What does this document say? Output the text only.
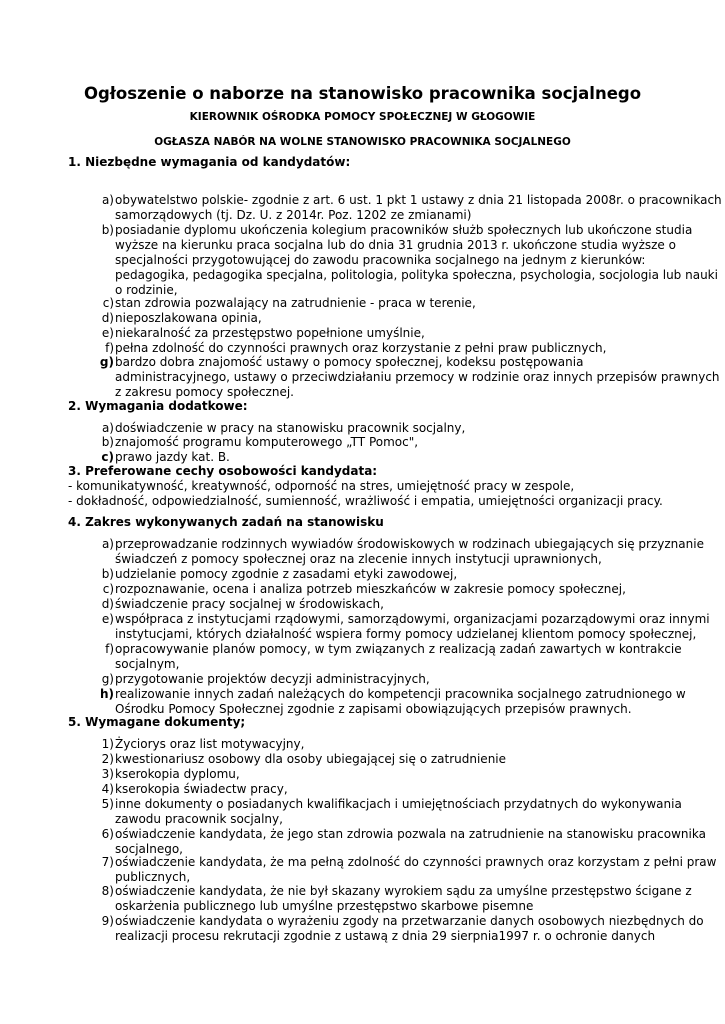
Ogłoszenie o naborze na stanowisko pracownika socjalnego
KIEROWNIK OŚRODKA POMOCY SPOŁECZNEJ W GŁOGOWIE
OGŁASZA NABÓR NA WOLNE STANOWISKO PRACOWNIKA SOCJALNEGO
1. Niezbędne wymagania od kandydatów:
a) obywatelstwo polskie- zgodnie z art. 6 ust. 1 pkt 1 ustawy z dnia 21 listopada 2008r. o pracownikach
samorządowych (tj. Dz. U. z 2014r. Poz. 1202 ze zmianami)
b) posiadanie dyplomu ukończenia kolegium pracowników służb społecznych lub ukończone studia
wyższe na kierunku praca socjalna lub do dnia 31 grudnia 2013 r. ukończone studia wyższe o
specjalności przygotowującej do zawodu pracownika socjalnego na jednym z kierunków:
pedagogika, pedagogika specjalna, politologia, polityka społeczna, psychologia, socjologia lub nauki
o rodzinie,
c) stan zdrowia pozwalający na zatrudnienie - praca w terenie,
d) nieposzlakowana opinia,
e) niekaralność za przestępstwo popełnione umyślnie,
f) pełna zdolność do czynności prawnych oraz korzystanie z pełni praw publicznych,
g) bardzo dobra znajomość ustawy o pomocy społecznej, kodeksu postępowania
administracyjnego, ustawy o przeciwdziałaniu przemocy w rodzinie oraz innych przepisów prawnych
z zakresu pomocy społecznej.
2. Wymagania dodatkowe:
a) doświadczenie w pracy na stanowisku pracownik socjalny,
b) znajomość programu komputerowego „TT Pomoc",
c) prawo jazdy kat. B.
3. Preferowane cechy osobowości kandydata:
- komunikatywność, kreatywność, odporność na stres, umiejętność pracy w zespole,
- dokładność, odpowiedzialność, sumienność, wrażliwość i empatia, umiejętności organizacji pracy.
4. Zakres wykonywanych zadań na stanowisku
a) przeprowadzanie rodzinnych wywiadów środowiskowych w rodzinach ubiegających się przyznanie
świadczeń z pomocy społecznej oraz na zlecenie innych instytucji uprawnionych,
b) udzielanie pomocy zgodnie z zasadami etyki zawodowej,
c) rozpoznawanie, ocena i analiza potrzeb mieszkańców w zakresie pomocy społecznej,
d) świadczenie pracy socjalnej w środowiskach,
e) współpraca z instytucjami rządowymi, samorządowymi, organizacjami pozarządowymi oraz innymi
instytucjami, których działalność wspiera formy pomocy udzielanej klientom pomocy społecznej,
f) opracowywanie planów pomocy, w tym związanych z realizacją zadań zawartych w kontrakcie
socjalnym,
g) przygotowanie projektów decyzji administracyjnych,
h) realizowanie innych zadań należących do kompetencji pracownika socjalnego zatrudnionego w
Ośrodku Pomocy Społecznej zgodnie z zapisami obowiązujących przepisów prawnych.
5. Wymagane dokumenty;
1) Życiorys oraz list motywacyjny,
2) kwestionariusz osobowy dla osoby ubiegającej się o zatrudnienie
3) kserokopia dyplomu,
4) kserokopia świadectw pracy,
5) inne dokumenty o posiadanych kwalifikacjach i umiejętnościach przydatnych do wykonywania
zawodu pracownik socjalny,
6) oświadczenie kandydata, że jego stan zdrowia pozwala na zatrudnienie na stanowisku pracownika
socjalnego,
7) oświadczenie kandydata, że ma pełną zdolność do czynności prawnych oraz korzystam z pełni praw
publicznych,
8) oświadczenie kandydata, że nie był skazany wyrokiem sądu za umyślne przestępstwo ścigane z
oskarżenia publicznego lub umyślne przestępstwo skarbowe pisemne
9) oświadczenie kandydata o wyrażeniu zgody na przetwarzanie danych osobowych niezbędnych do
realizacji procesu rekrutacji zgodnie z ustawą z dnia 29 sierpnia1997 r. o ochronie danych
